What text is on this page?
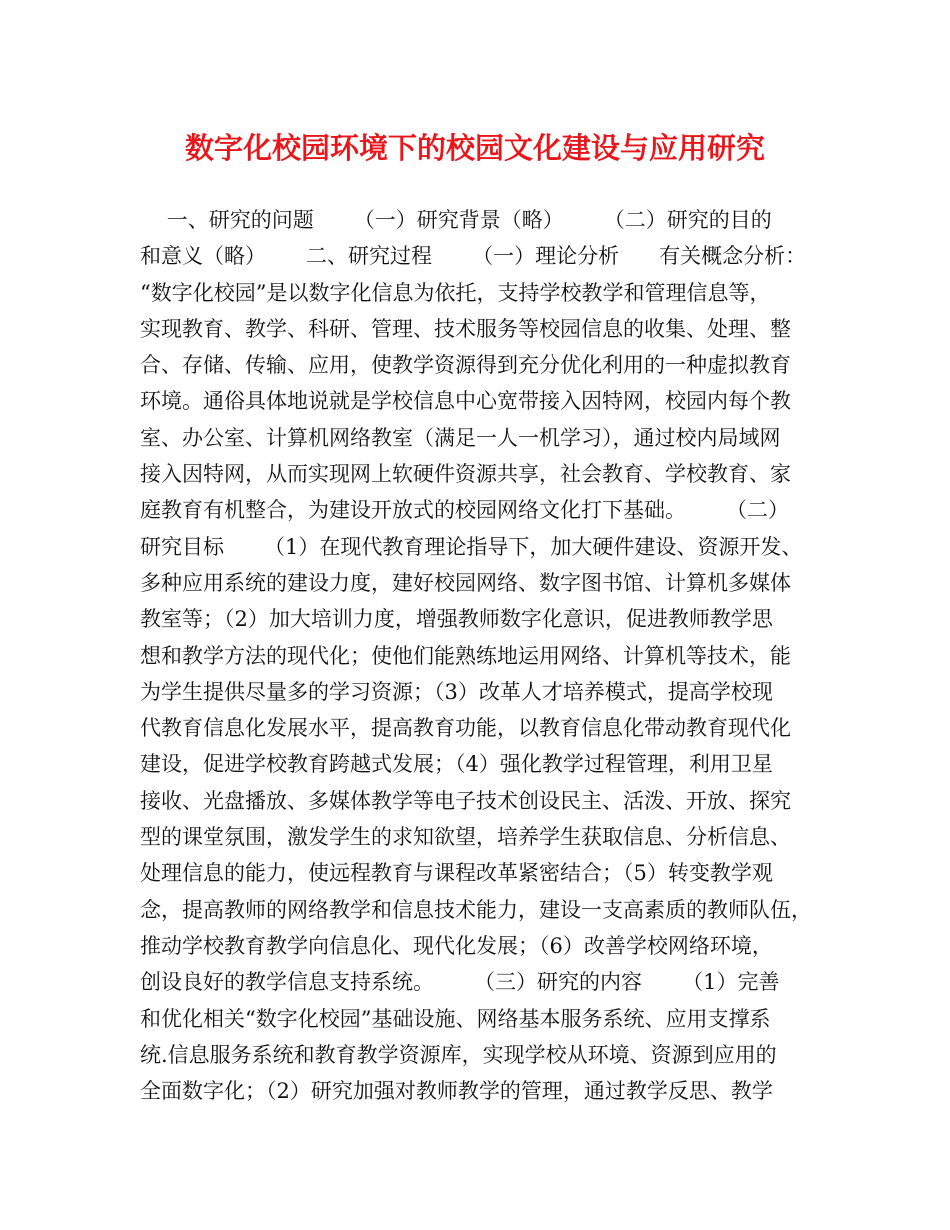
数字化校园环境下的校园文化建设与应用研究
一、研究的问题      （一）研究背景（略）      （二）研究的目的
和意义（略）      二、研究过程      （一）理论分析      有关概念分析：
“数字化校园”是以数字化信息为依托，支持学校教学和管理信息等，
实现教育、教学、科研、管理、技术服务等校园信息的收集、处理、整
合、存储、传输、应用，使教学资源得到充分优化利用的一种虚拟教育
环境。通俗具体地说就是学校信息中心宽带接入因特网，校园内每个教
室、办公室、计算机网络教室（满足一人一机学习），通过校内局域网
接入因特网，从而实现网上软硬件资源共享，社会教育、学校教育、家
庭教育有机整合，为建设开放式的校园网络文化打下基础。      （二）
研究目标      （1）在现代教育理论指导下，加大硬件建设、资源开发、
多种应用系统的建设力度，建好校园网络、数字图书馆、计算机多媒体
教室等；（2）加大培训力度，增强教师数字化意识，促进教师教学思
想和教学方法的现代化；使他们能熟练地运用网络、计算机等技术，能
为学生提供尽量多的学习资源；（3）改革人才培养模式，提高学校现
代教育信息化发展水平，提高教育功能，以教育信息化带动教育现代化
建设，促进学校教育跨越式发展；（4）强化教学过程管理，利用卫星
接收、光盘播放、多媒体教学等电子技术创设民主、活泼、开放、探究
型的课堂氛围，激发学生的求知欲望，培养学生获取信息、分析信息、
处理信息的能力，使远程教育与课程改革紧密结合；（5）转变教学观
念，提高教师的网络教学和信息技术能力，建设一支高素质的教师队伍，
推动学校教育教学向信息化、现代化发展；（6）改善学校网络环境，
创设良好的教学信息支持系统。      （三）研究的内容      （1）完善
和优化相关“数字化校园”基础设施、网络基本服务系统、应用支撑系
统.信息服务系统和教育教学资源库，实现学校从环境、资源到应用的
全面数字化；（2）研究加强对教师教学的管理，通过教学反思、教学
